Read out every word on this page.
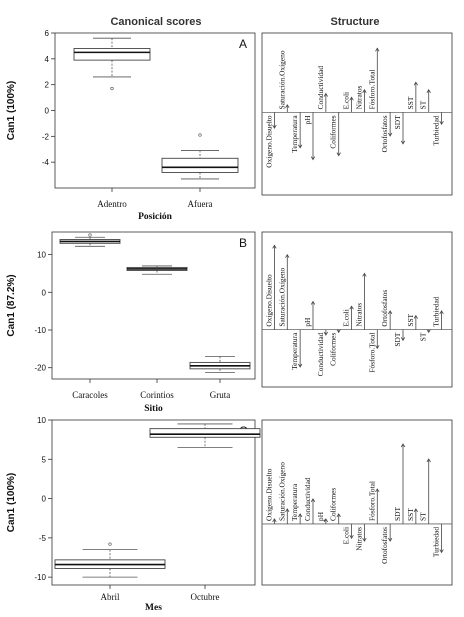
Canonical scores	Structure
A
-4
-2
0
2
4
6
Can1 (100%)
Posición
Adentro	Afuera
Oxígeno.Disuelto
Saturación.Oxígeno
Temperatura pH
Conductividad
Coliformes
E.coli Nitratos Fósforo.Total
Ortofosfatos SDT
SST ST
Turbiedad
B
-20
-10
0
10
Can1 (87.2%)
Sitio
Caracoles	Corintios	Gruta
Oxígeno.Disuelto Saturación.Oxígeno
Temperatura
pH
Conductividad Coliformes
E.coli Nitratos
Fósforo.Total
Ortofosfatos
SDT
SST
ST
Turbiedad
-10
-5
0
5
10
Can1 (100%)
Mes
Abril	Octubre
Oxígeno.Disuelto Saturación.Oxígeno Temperatura Conductividad pH Coliformes
E.coli Nitratos
Fósforo.Total
Ortofosfatos
SDT SST ST
Turbiedad
